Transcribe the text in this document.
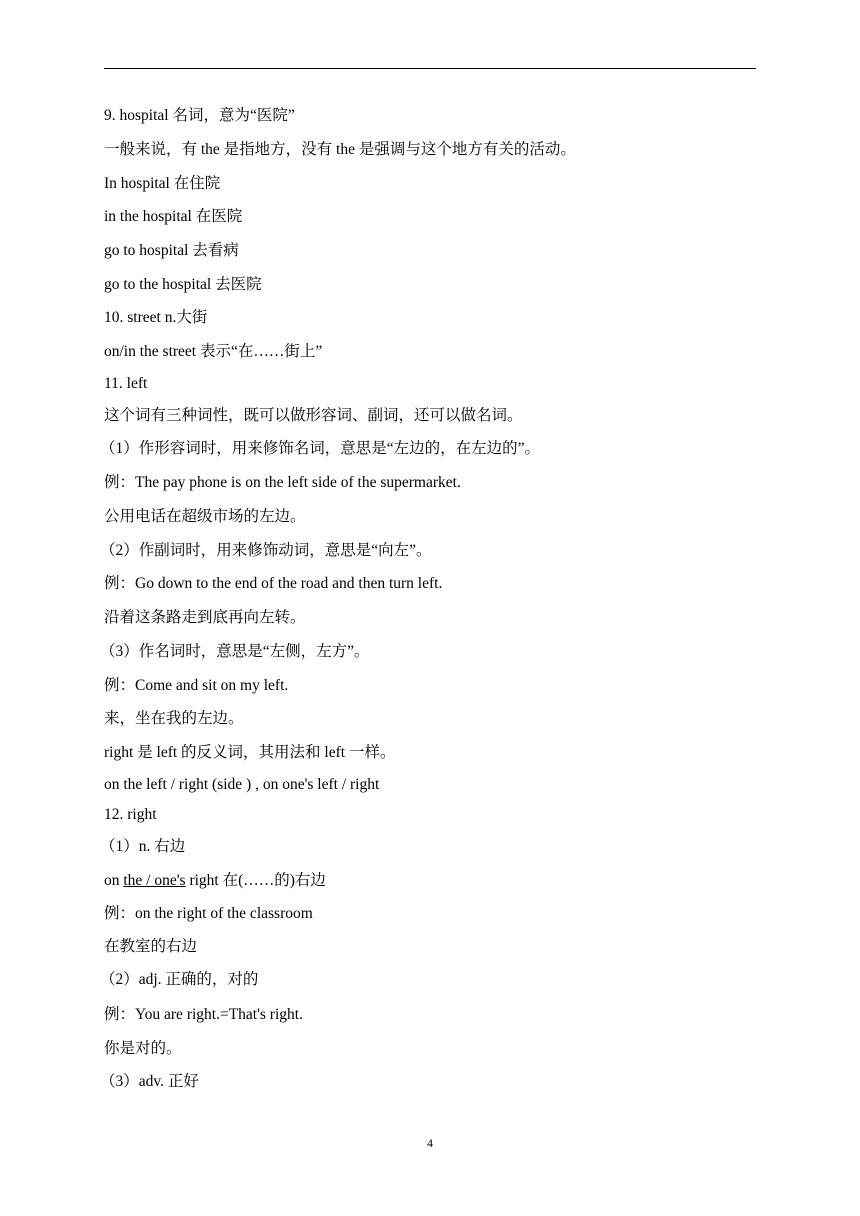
9. hospital 名词，意为“医院”
一般来说，有 the 是指地方，没有 the 是强调与这个地方有关的活动。
In hospital 在住院
in the hospital 在医院
go to hospital 去看病
go to the hospital 去医院
10. street n.大街
on/in the street 表示“在……街上”
11. left
这个词有三种词性，既可以做形容词、副词，还可以做名词。
（1）作形容词时，用来修饰名词，意思是“左边的，在左边的”。
例：The pay phone is on the left side of the supermarket.
公用电话在超级市场的左边。
（2）作副词时，用来修饰动词，意思是“向左”。
例：Go down to the end of the road and then turn left.
沿着这条路走到底再向左转。
（3）作名词时，意思是“左侧，左方”。
例：Come and sit on my left.
来，坐在我的左边。
right 是 left 的反义词，其用法和 left 一样。
on the left / right (side ) , on one's left / right
12. right
（1）n. 右边
on the / one's right 在(……的)右边
例：on the right of the classroom
在教室的右边
（2）adj. 正确的，对的
例：You are right.=That's right.
你是对的。
（3）adv. 正好
4
